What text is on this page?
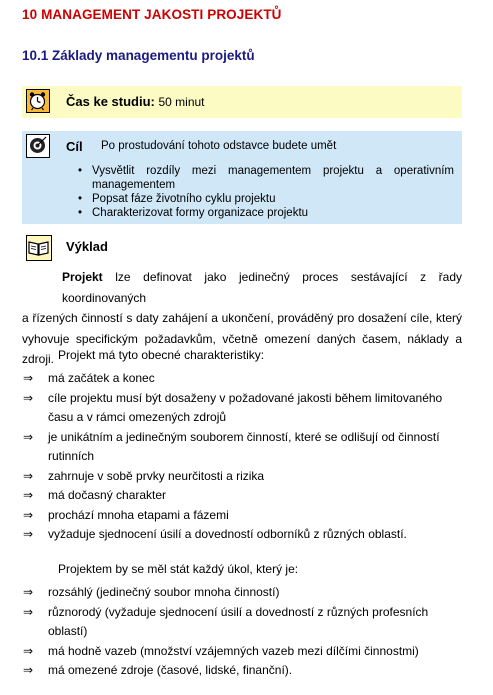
10 MANAGEMENT JAKOSTI PROJEKTŮ
10.1 Základy managementu projektů
Čas ke studiu: 50 minut
Cíl Po prostudování tohoto odstavce budete umět
• Vysvětlit rozdíly mezi managementem projektu a operativním
managementem
• Popsat fáze životního cyklu projektu
• Charakterizovat formy organizace projektu
Výklad
Projekt lze definovat jako jedinečný proces sestávající z řady koordinovaných
a řízených činností s daty zahájení a ukončení, prováděný pro dosažení cíle, který
vyhovuje specifickým požadavkům, včetně omezení daných časem, náklady a zdroji. Projekt má tyto obecné charakteristiky:
⇒ má začátek a konec
⇒ cíle projektu musí být dosaženy v požadované jakosti během limitovaného
času a v rámci omezených zdrojů
⇒ je unikátním a jedinečným souborem činností, které se odlišují od činností
rutinních
⇒ zahrnuje v sobě prvky neurčitosti a rizika
⇒ má dočasný charakter
⇒ prochází mnoha etapami a fázemi
⇒ vyžaduje sjednocení úsilí a dovedností odborníků z různých oblastí.
Projektem by se měl stát každý úkol, který je:
⇒ rozsáhlý (jedinečný soubor mnoha činností)
⇒ různorodý (vyžaduje sjednocení úsilí a dovedností z různých profesních
oblastí)
⇒ má hodně vazeb (množství vzájemných vazeb mezi dílčími činnostmi)
⇒ má omezené zdroje (časové, lidské, finanční).
